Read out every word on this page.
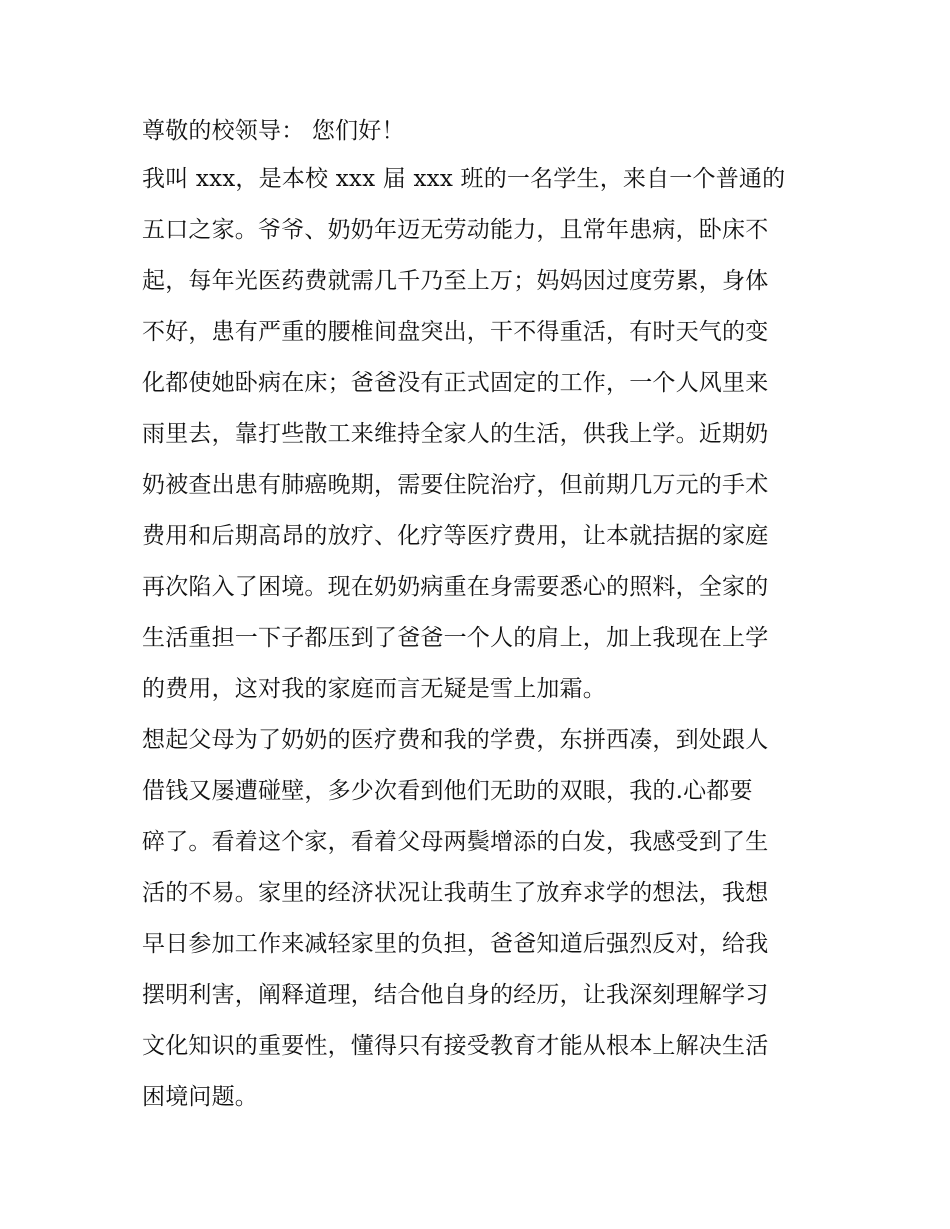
尊敬的校领导： 您们好！
我叫 xxx，是本校 xxx 届 xxx 班的一名学生，来自一个普通的
五口之家。爷爷、奶奶年迈无劳动能力，且常年患病，卧床不
起，每年光医药费就需几千乃至上万；妈妈因过度劳累，身体
不好，患有严重的腰椎间盘突出，干不得重活，有时天气的变
化都使她卧病在床；爸爸没有正式固定的工作，一个人风里来
雨里去，靠打些散工来维持全家人的生活，供我上学。近期奶
奶被查出患有肺癌晚期，需要住院治疗，但前期几万元的手术
费用和后期高昂的放疗、化疗等医疗费用，让本就拮据的家庭
再次陷入了困境。现在奶奶病重在身需要悉心的照料，全家的
生活重担一下子都压到了爸爸一个人的肩上，加上我现在上学
的费用，这对我的家庭而言无疑是雪上加霜。
想起父母为了奶奶的医疗费和我的学费，东拼西凑，到处跟人
借钱又屡遭碰壁，多少次看到他们无助的双眼，我的.心都要
碎了。看着这个家，看着父母两鬓增添的白发，我感受到了生
活的不易。家里的经济状况让我萌生了放弃求学的想法，我想
早日参加工作来减轻家里的负担，爸爸知道后强烈反对，给我
摆明利害，阐释道理，结合他自身的经历，让我深刻理解学习
文化知识的重要性，懂得只有接受教育才能从根本上解决生活
困境问题。
